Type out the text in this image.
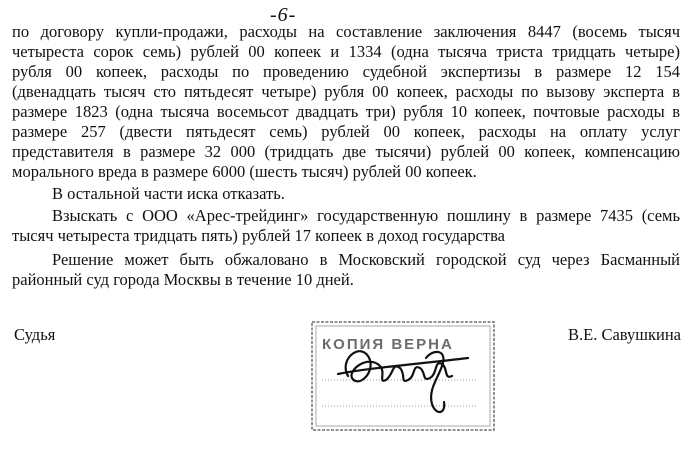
-6-
по договору купли-продажи, расходы на составление заключения 8447 (восемь тысяч
четыреста сорок семь) рублей 00 копеек и 1334 (одна тысяча триста тридцать четыре)
рубля 00 копеек, расходы по проведению судебной экспертизы в размере 12 154
(двенадцать тысяч сто пятьдесят четыре) рубля 00 копеек, расходы по вызову эксперта в
размере 1823 (одна тысяча восемьсот двадцать три) рубля 10 копеек, почтовые расходы в
размере 257 (двести пятьдесят семь) рублей 00 копеек, расходы на оплату услуг
представителя в размере 32 000 (тридцать две тысячи) рублей 00 копеек, компенсацию
морального вреда в размере 6000 (шесть тысяч) рублей 00 копеек.
В остальной части иска отказать.
Взыскать с ООО «Арес-трейдинг» государственную пошлину в размере 7435 (семь
тысяч четыреста тридцать пять) рублей 17 копеек в доход государства
Решение может быть обжаловано в Московский городской суд через Басманный
районный суд города Москвы в течение 10 дней.
Судья	В.Е. Савушкина
КОПИЯ ВЕРНА
